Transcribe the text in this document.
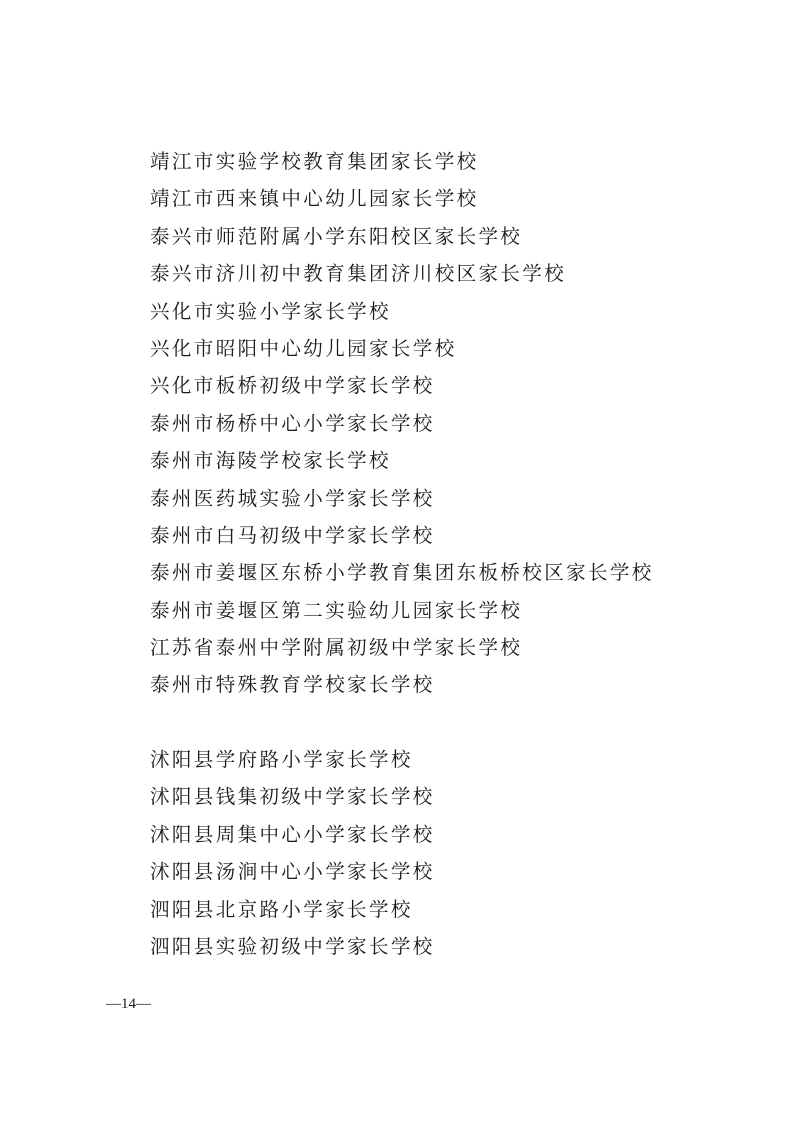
靖江市实验学校教育集团家长学校
靖江市西来镇中心幼儿园家长学校
泰兴市师范附属小学东阳校区家长学校
泰兴市济川初中教育集团济川校区家长学校
兴化市实验小学家长学校
兴化市昭阳中心幼儿园家长学校
兴化市板桥初级中学家长学校
泰州市杨桥中心小学家长学校
泰州市海陵学校家长学校
泰州医药城实验小学家长学校
泰州市白马初级中学家长学校
泰州市姜堰区东桥小学教育集团东板桥校区家长学校
泰州市姜堰区第二实验幼儿园家长学校
江苏省泰州中学附属初级中学家长学校
泰州市特殊教育学校家长学校
沭阳县学府路小学家长学校
沭阳县钱集初级中学家长学校
沭阳县周集中心小学家长学校
沭阳县汤涧中心小学家长学校
泗阳县北京路小学家长学校
泗阳县实验初级中学家长学校
—14—
